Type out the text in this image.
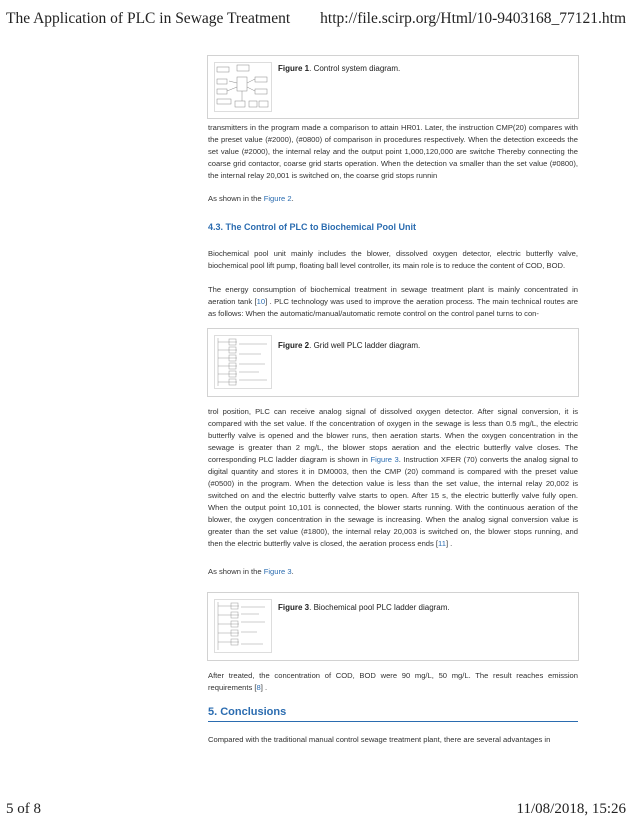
The Application of PLC in Sewage Treatment http://file.scirp.org/Html/10-9403168_77121.htm
Figure 1. Control system diagram.

transmitters in the program made a comparison to attain HR01. Later, the instruction CMP(20) compares with the preset value (#2000), (#0800) of comparison in procedures respectively. When the detection exceeds the set value (#2000), the internal relay and the output point 1,000,120,000 are switche Thereby connecting the coarse grid contactor, coarse grid starts operation. When the detection va smaller than the set value (#0800), the internal relay 20,001 is switched on, the coarse grid stops runnin

As shown in the Figure 2.

4.3. The Control of PLC to Biochemical Pool Unit

Biochemical pool unit mainly includes the blower, dissolved oxygen detector, electric butterfly valve, biochemical pool lift pump, floating ball level controller, its main role is to reduce the content of COD, BOD.

The energy consumption of biochemical treatment in sewage treatment plant is mainly concentrated in aeration tank [10] . PLC technology was used to improve the aeration process. The main technical routes are as follows: When the automatic/manual/automatic remote control on the control panel turns to con-

Figure 2. Grid well PLC ladder diagram.

trol position, PLC can receive analog signal of dissolved oxygen detector. After signal conversion, it is compared with the set value. If the concentration of oxygen in the sewage is less than 0.5 mg/L, the electric butterfly valve is opened and the blower runs, then aeration starts. When the oxygen concentration in the sewage is greater than 2 mg/L, the blower stops aeration and the electric butterfly valve closes. The corresponding PLC ladder diagram is shown in Figure 3. Instruction XFER (70) converts the analog signal to digital quantity and stores it in DM0003, then the CMP (20) command is compared with the preset value (#0500) in the program. When the detection value is less than the set value, the internal relay 20,002 is switched on and the electric butterfly valve starts to open. After 15 s, the electric butterfly valve fully open. When the output point 10,101 is connected, the blower starts running. With the continuous aeration of the blower, the oxygen concentration in the sewage is increasing. When the analog signal conversion value is greater than the set value (#1800), the internal relay 20,003 is switched on, the blower stops running, and then the electric butterfly valve is closed, the aeration process ends [11] .

As shown in the Figure 3.

Figure 3. Biochemical pool PLC ladder diagram.

After treated, the concentration of COD, BOD were 90 mg/L, 50 mg/L. The result reaches emission requirements [8] .

5. Conclusions

Compared with the traditional manual control sewage treatment plant, there are several advantages in

5 of 8	11/08/2018, 15:26
